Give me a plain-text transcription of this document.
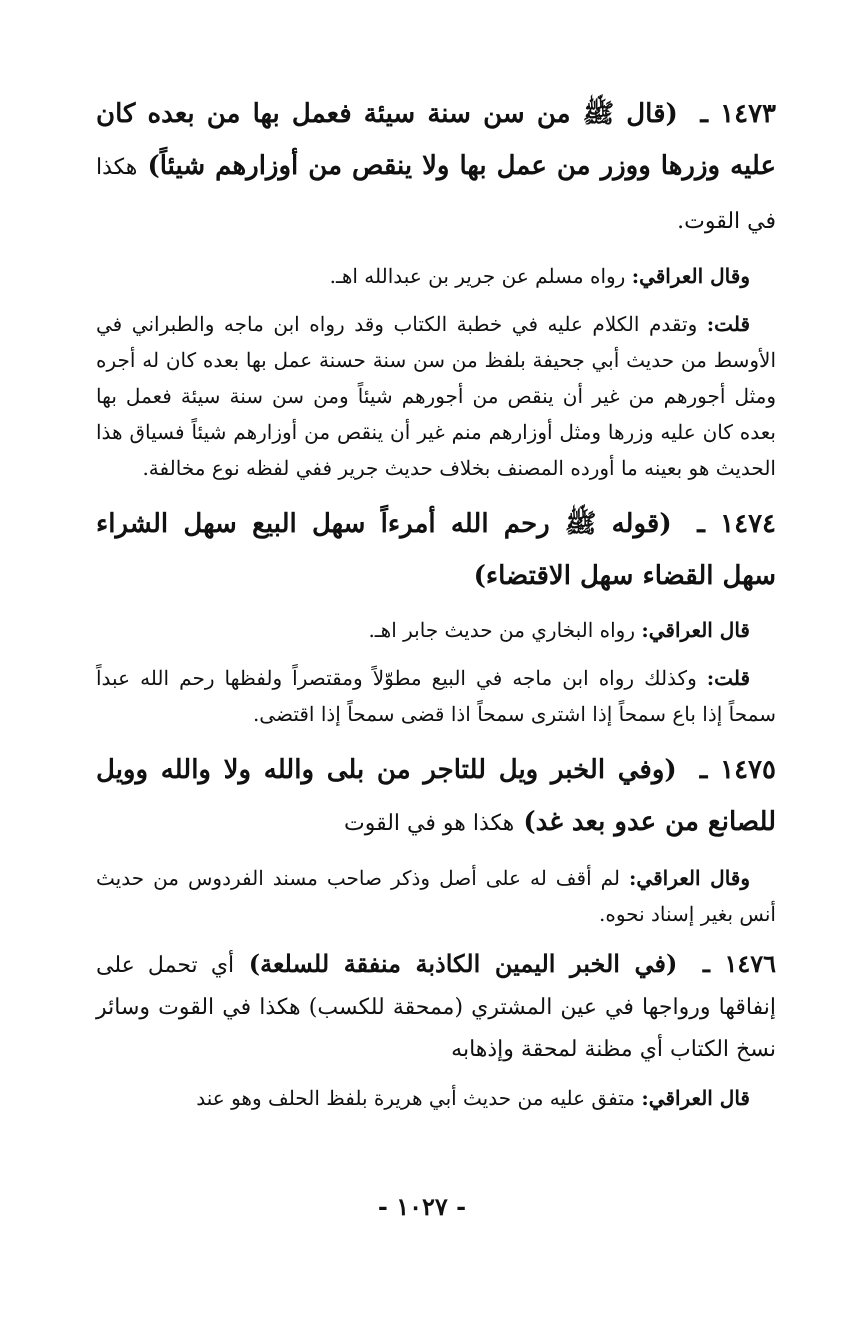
١٤٧٣ ـ (قال ﷺ من سن سنة سيئة فعمل بها من بعده كان عليه وزرها ووزر من عمل بها ولا ينقص من أوزارهم شيئاً) هكذا في القوت.

وقال العراقي: رواه مسلم عن جرير بن عبدالله اهـ.

قلت: وتقدم الكلام عليه في خطبة الكتاب وقد رواه ابن ماجه والطبراني في الأوسط من حديث أبي جحيفة بلفظ من سن سنة حسنة عمل بها بعده كان له أجره ومثل أجورهم من غير أن ينقص من أجورهم شيئاً ومن سن سنة سيئة فعمل بها بعده كان عليه وزرها ومثل أوزارهم منم غير أن ينقص من أوزارهم شيئاً فسياق هذا الحديث هو بعينه ما أورده المصنف بخلاف حديث جرير ففي لفظه نوع مخالفة.

١٤٧٤ ـ (قوله ﷺ رحم الله أمرءاً سهل البيع سهل الشراء سهل القضاء سهل الاقتضاء)

قال العراقي: رواه البخاري من حديث جابر اهـ.

قلت: وكذلك رواه ابن ماجه في البيع مطوّلاً ومقتصراً ولفظها رحم الله عبداً سمحاً إذا باع سمحاً إذا اشترى سمحاً اذا قضى سمحاً إذا اقتضى.

١٤٧٥ ـ (وفي الخبر ويل للتاجر من بلى والله ولا والله وويل للصانع من عدو بعد غد) هكذا هو في القوت

وقال العراقي: لم أقف له على أصل وذكر صاحب مسند الفردوس من حديث أنس بغير إسناد نحوه.

١٤٧٦ ـ (في الخبر اليمين الكاذبة منفقة للسلعة) أي تحمل على إنفاقها ورواجها في عين المشتري (ممحقة للكسب) هكذا في القوت وسائر نسخ الكتاب أي مظنة لمحقة وإذهابه

قال العراقي: متفق عليه من حديث أبي هريرة بلفظ الحلف وهو عند

- ١٠٢٧ -
